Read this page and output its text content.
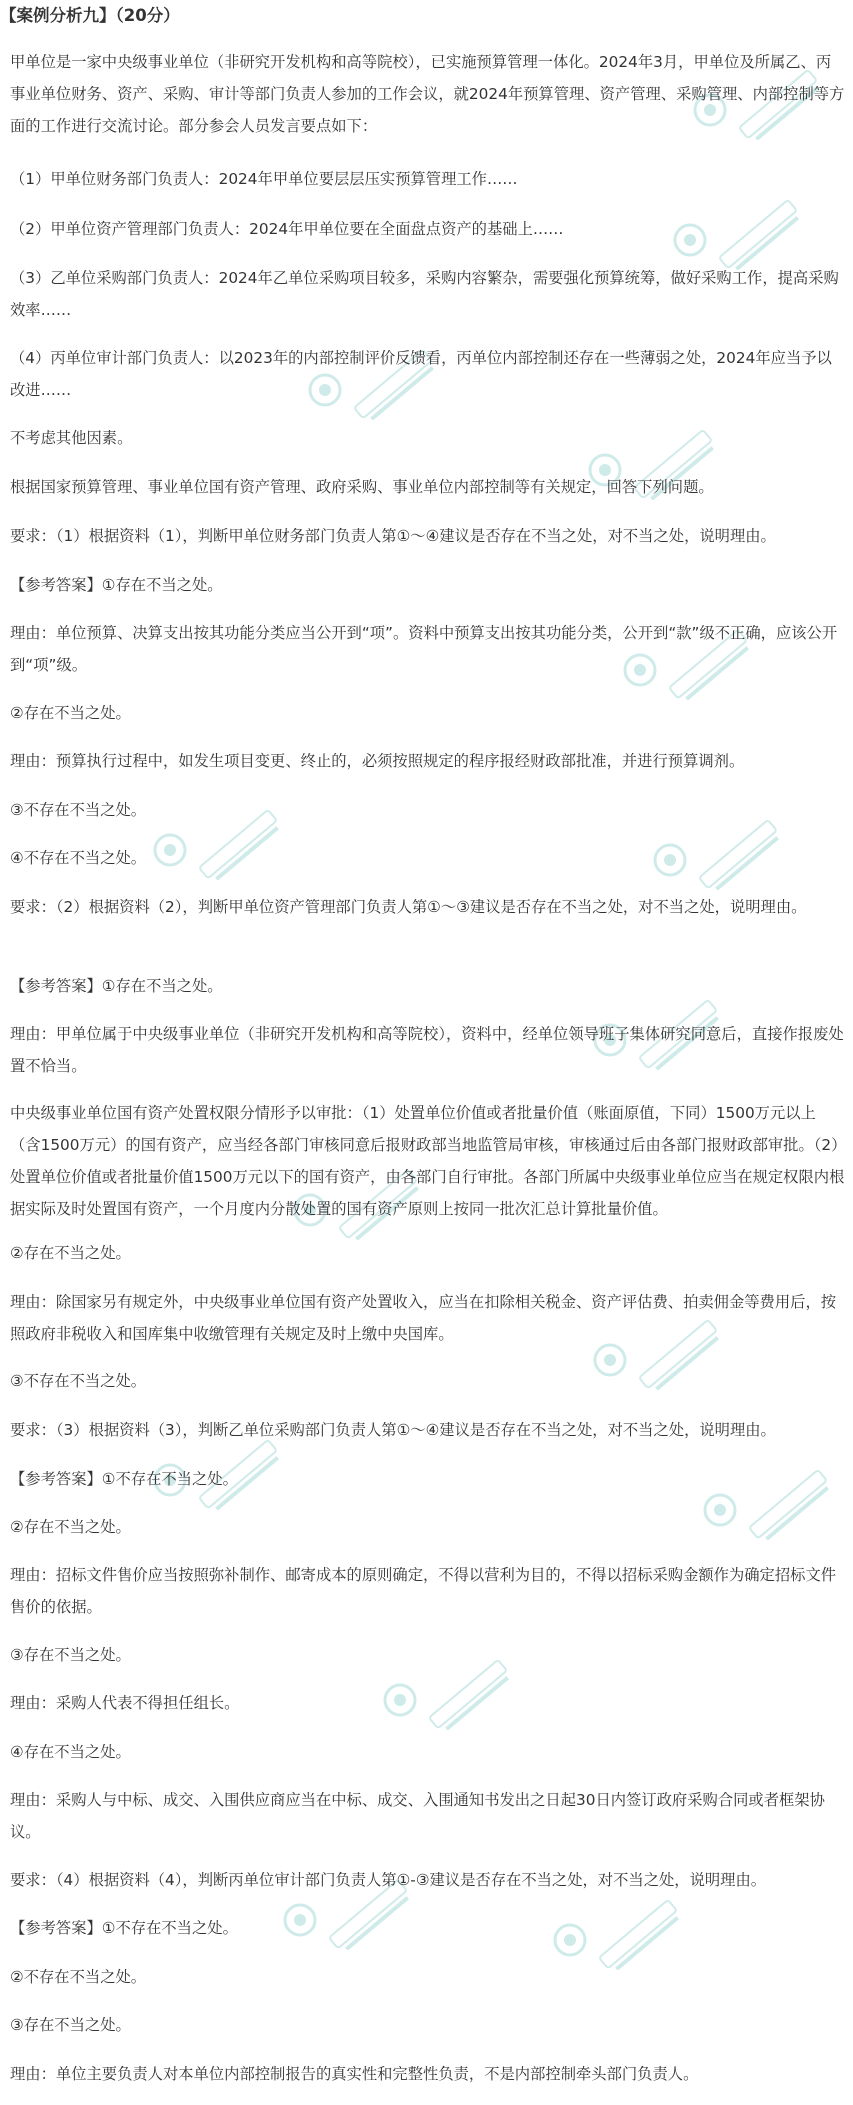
【案例分析九】（20分）

甲单位是一家中央级事业单位（非研究开发机构和高等院校），已实施预算管理一体化。2024年3月，甲单位及所属乙、丙事业单位财务、资产、采购、审计等部门负责人参加的工作会议，就2024年预算管理、资产管理、采购管理、内部控制等方面的工作进行交流讨论。部分参会人员发言要点如下：

（1）甲单位财务部门负责人：2024年甲单位要层层压实预算管理工作……

（2）甲单位资产管理部门负责人：2024年甲单位要在全面盘点资产的基础上……

（3）乙单位采购部门负责人：2024年乙单位采购项目较多，采购内容繁杂，需要强化预算统筹，做好采购工作，提高采购效率……

（4）丙单位审计部门负责人：以2023年的内部控制评价反馈看，丙单位内部控制还存在一些薄弱之处，2024年应当予以改进……

不考虑其他因素。

根据国家预算管理、事业单位国有资产管理、政府采购、事业单位内部控制等有关规定，回答下列问题。

要求：（1）根据资料（1），判断甲单位财务部门负责人第①～④建议是否存在不当之处，对不当之处，说明理由。

【参考答案】①存在不当之处。

理由：单位预算、决算支出按其功能分类应当公开到“项”。资料中预算支出按其功能分类，公开到“款”级不正确，应该公开到“项”级。

②存在不当之处。

理由：预算执行过程中，如发生项目变更、终止的，必须按照规定的程序报经财政部批准，并进行预算调剂。

③不存在不当之处。

④不存在不当之处。

要求：（2）根据资料（2），判断甲单位资产管理部门负责人第①～③建议是否存在不当之处，对不当之处，说明理由。

【参考答案】①存在不当之处。

理由：甲单位属于中央级事业单位（非研究开发机构和高等院校），资料中，经单位领导班子集体研究同意后，直接作报废处置不恰当。

中央级事业单位国有资产处置权限分情形予以审批：（1）处置单位价值或者批量价值（账面原值，下同）1500万元以上（含1500万元）的国有资产，应当经各部门审核同意后报财政部当地监管局审核，审核通过后由各部门报财政部审批。（2）处置单位价值或者批量价值1500万元以下的国有资产，由各部门自行审批。各部门所属中央级事业单位应当在规定权限内根据实际及时处置国有资产，一个月度内分散处置的国有资产原则上按同一批次汇总计算批量价值。

②存在不当之处。

理由：除国家另有规定外，中央级事业单位国有资产处置收入，应当在扣除相关税金、资产评估费、拍卖佣金等费用后，按照政府非税收入和国库集中收缴管理有关规定及时上缴中央国库。

③不存在不当之处。

要求：（3）根据资料（3），判断乙单位采购部门负责人第①～④建议是否存在不当之处，对不当之处，说明理由。

【参考答案】①不存在不当之处。

②存在不当之处。

理由：招标文件售价应当按照弥补制作、邮寄成本的原则确定，不得以营利为目的，不得以招标采购金额作为确定招标文件售价的依据。

③存在不当之处。

理由：采购人代表不得担任组长。

④存在不当之处。

理由：采购人与中标、成交、入围供应商应当在中标、成交、入围通知书发出之日起30日内签订政府采购合同或者框架协议。

要求：（4）根据资料（4），判断丙单位审计部门负责人第①-③建议是否存在不当之处，对不当之处，说明理由。

【参考答案】①不存在不当之处。

②不存在不当之处。

③存在不当之处。

理由：单位主要负责人对本单位内部控制报告的真实性和完整性负责，不是内部控制牵头部门负责人。
